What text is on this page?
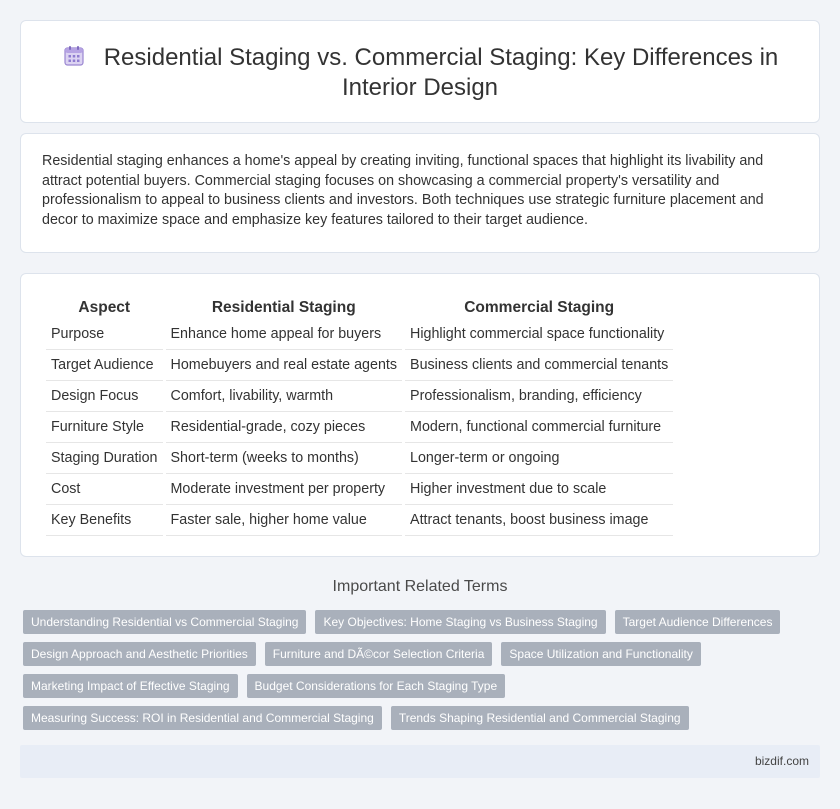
Residential Staging vs. Commercial Staging: Key Differences in Interior Design

Residential staging enhances a home's appeal by creating inviting, functional spaces that highlight its livability and attract potential buyers. Commercial staging focuses on showcasing a commercial property's versatility and professionalism to appeal to business clients and investors. Both techniques use strategic furniture placement and decor to maximize space and emphasize key features tailored to their target audience.

Aspect	Residential Staging	Commercial Staging
Purpose	Enhance home appeal for buyers	Highlight commercial space functionality
Target Audience	Homebuyers and real estate agents	Business clients and commercial tenants
Design Focus	Comfort, livability, warmth	Professionalism, branding, efficiency
Furniture Style	Residential-grade, cozy pieces	Modern, functional commercial furniture
Staging Duration	Short-term (weeks to months)	Longer-term or ongoing
Cost	Moderate investment per property	Higher investment due to scale
Key Benefits	Faster sale, higher home value	Attract tenants, boost business image
Important Related Terms
Understanding Residential vs Commercial Staging	Key Objectives: Home Staging vs Business Staging	Target Audience Differences
Design Approach and Aesthetic Priorities	Furniture and DÃ©cor Selection Criteria	Space Utilization and Functionality
Marketing Impact of Effective Staging	Budget Considerations for Each Staging Type
Measuring Success: ROI in Residential and Commercial Staging	Trends Shaping Residential and Commercial Staging
bizdif.com
